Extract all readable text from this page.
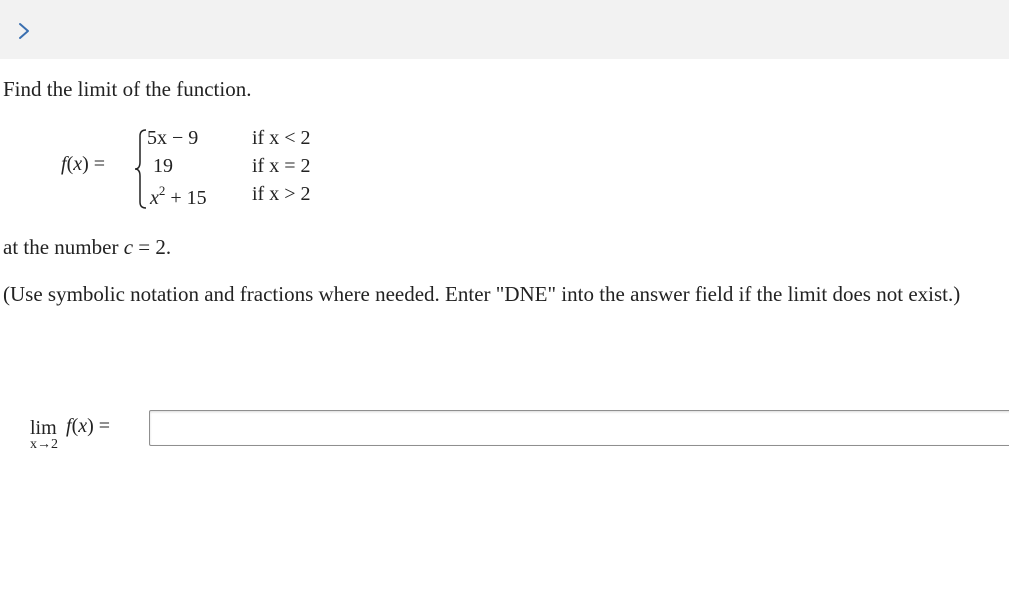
Find the limit of the function.
f(x) =
5x − 9
19
$x^2 + 15$
if x < 2
if x = 2
if x > 2
at the number c = 2.
(Use symbolic notation and fractions where needed. Enter "DNE" into the answer field if the limit does not exist.)
lim
x→2
f(x) =
